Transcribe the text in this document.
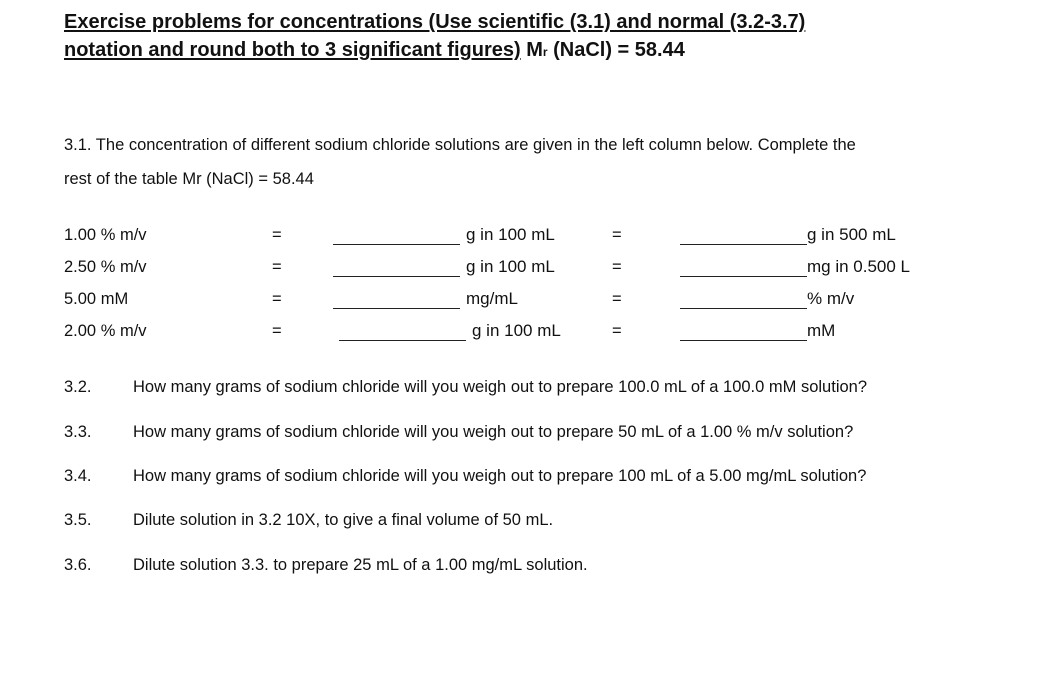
Exercise problems for concentrations (Use scientific (3.1) and normal (3.2-3.7)
notation and round both to 3 significant figures) Mr (NaCl) = 58.44
3.1. The concentration of different sodium chloride solutions are given in the left column below. Complete the
rest of the table Mr (NaCl) = 58.44
1.00 % m/v	=	g in 100 mL	=	g in 500 mL
2.50 % m/v	=	g in 100 mL	=	mg in 0.500 L
5.00 mM	=	mg/mL	=	% m/v
2.00 % m/v	=	g in 100 mL	=	mM
3.2.	How many grams of sodium chloride will you weigh out to prepare 100.0 mL of a 100.0 mM solution?
3.3.	How many grams of sodium chloride will you weigh out to prepare 50 mL of a 1.00 % m/v solution?
3.4.	How many grams of sodium chloride will you weigh out to prepare 100 mL of a 5.00 mg/mL solution?
3.5.	Dilute solution in 3.2 10X, to give a final volume of 50 mL.
3.6.	Dilute solution 3.3. to prepare 25 mL of a 1.00 mg/mL solution.
